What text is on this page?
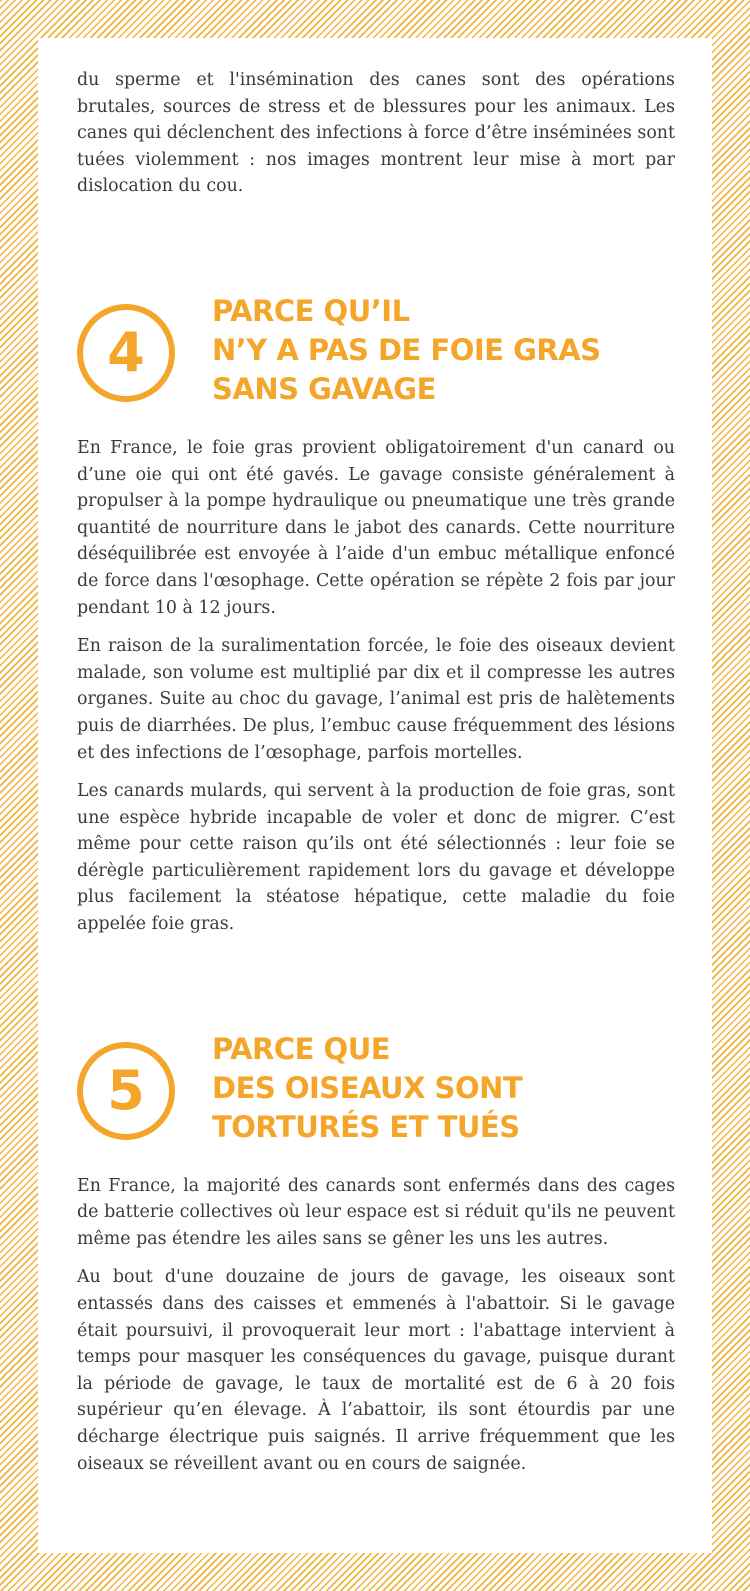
du sperme et l'insémination des canes sont des opérations brutales, sources de stress et de blessures pour les animaux. Les canes qui déclenchent des infections à force d’être inséminées sont tuées violemment : nos images montrent leur mise à mort par dislocation du cou.

4
PARCE QU’IL
N’Y A PAS DE FOIE GRAS
SANS GAVAGE

En France, le foie gras provient obligatoirement d'un canard ou d’une oie qui ont été gavés. Le gavage consiste généralement à propulser à la pompe hydraulique ou pneumatique une très grande quantité de nourriture dans le jabot des canards. Cette nourriture déséquilibrée est envoyée à l’aide d'un embuc métallique enfoncé de force dans l'œsophage. Cette opération se répète 2 fois par jour pendant 10 à 12 jours.

En raison de la suralimentation forcée, le foie des oiseaux devient malade, son volume est multiplié par dix et il compresse les autres organes. Suite au choc du gavage, l’animal est pris de halètements puis de diarrhées. De plus, l’embuc cause fréquemment des lésions et des infections de l’œsophage, parfois mortelles.

Les canards mulards, qui servent à la production de foie gras, sont une espèce hybride incapable de voler et donc de migrer. C’est même pour cette raison qu’ils ont été sélectionnés : leur foie se dérègle particulièrement rapidement lors du gavage et développe plus facilement la stéatose hépatique, cette maladie du foie appelée foie gras.

5
PARCE QUE
DES OISEAUX SONT
TORTURÉS ET TUÉS

En France, la majorité des canards sont enfermés dans des cages de batterie collectives où leur espace est si réduit qu'ils ne peuvent même pas étendre les ailes sans se gêner les uns les autres.

Au bout d'une douzaine de jours de gavage, les oiseaux sont entassés dans des caisses et emmenés à l'abattoir. Si le gavage était poursuivi, il provoquerait leur mort : l'abattage intervient à temps pour masquer les conséquences du gavage, puisque durant la période de gavage, le taux de mortalité est de 6 à 20 fois supérieur qu’en élevage. À l’abattoir, ils sont étourdis par une décharge électrique puis saignés. Il arrive fréquemment que les oiseaux se réveillent avant ou en cours de saignée.
